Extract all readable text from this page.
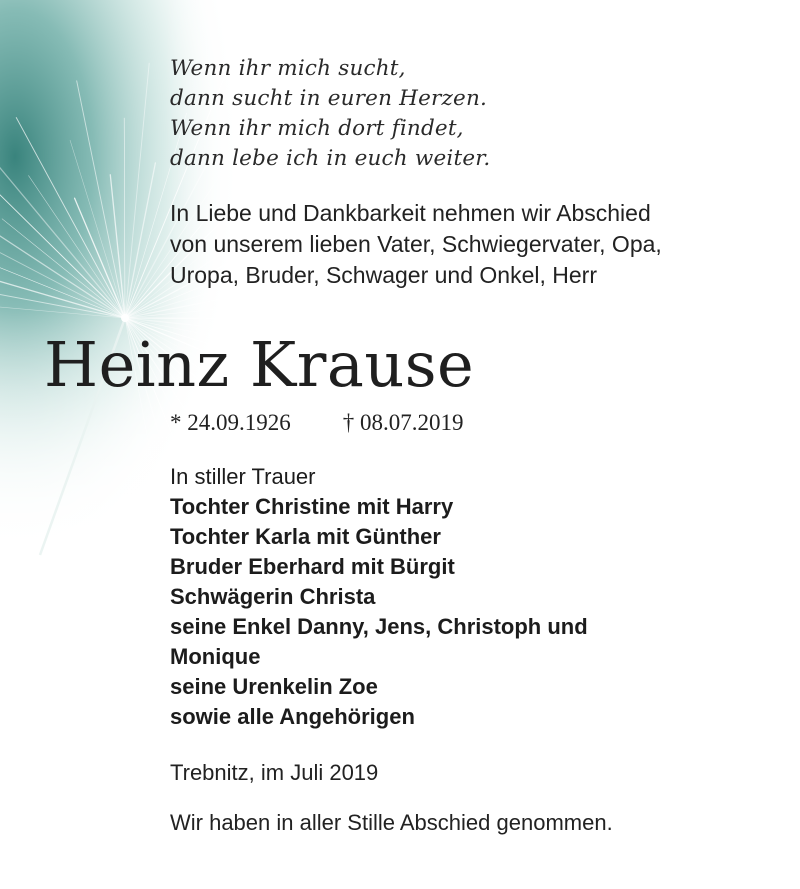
Wenn ihr mich sucht,
dann sucht in euren Herzen.
Wenn ihr mich dort findet,
dann lebe ich in euch weiter.
In Liebe und Dankbarkeit nehmen wir Abschied
von unserem lieben Vater, Schwiegervater, Opa,
Uropa, Bruder, Schwager und Onkel, Herr
Heinz Krause
* 24.09.1926 † 08.07.2019
In stiller Trauer
Tochter Christine mit Harry
Tochter Karla mit Günther
Bruder Eberhard mit Bürgit
Schwägerin Christa
seine Enkel Danny, Jens, Christoph und
Monique
seine Urenkelin Zoe
sowie alle Angehörigen
Trebnitz, im Juli 2019
Wir haben in aller Stille Abschied genommen.
